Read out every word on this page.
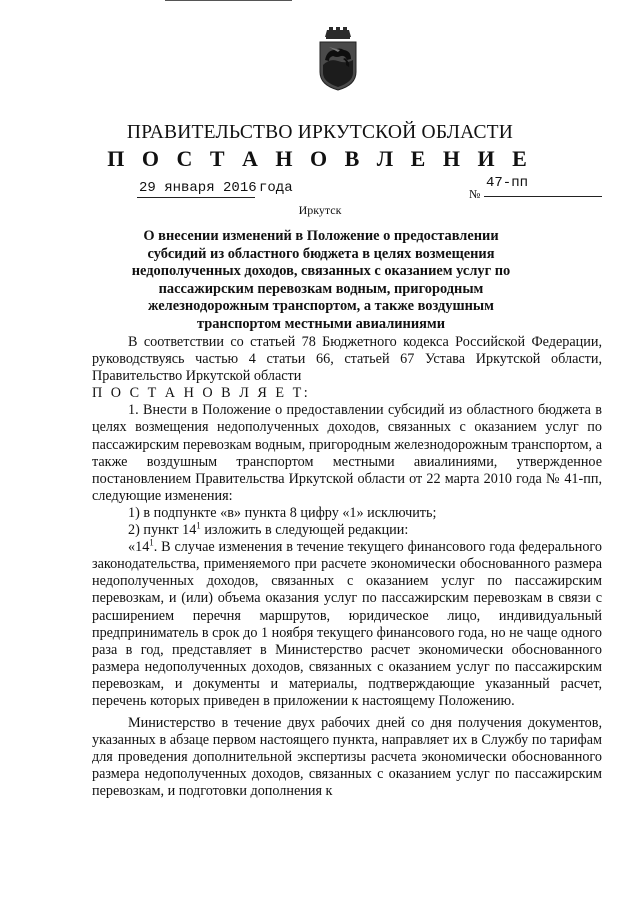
ПРАВИТЕЛЬСТВО ИРКУТСКОЙ ОБЛАСТИ
П О С Т А Н О В Л Е Н И Е
29 января 2016 года	№
47-пп
Иркутск
О внесении изменений в Положение о предоставлении субсидий из областного бюджета в целях возмещения недополученных доходов, связанных с оказанием услуг по пассажирским перевозкам водным, пригородным железнодорожным транспортом, а также воздушным транспортом местными авиалиниями

В соответствии со статьей 78 Бюджетного кодекса Российской Федерации, руководствуясь частью 4 статьи 66, статьей 67 Устава Иркутской области, Правительство Иркутской области

П О С Т А Н О В Л Я Е Т:

1. Внести в Положение о предоставлении субсидий из областного бюджета в целях возмещения недополученных доходов, связанных с оказанием услуг по пассажирским перевозкам водным, пригородным железнодорожным транспортом, а также воздушным транспортом местными авиалиниями, утвержденное постановлением Правительства Иркутской области от 22 марта 2010 года № 41-пп, следующие изменения:

1) в подпункте «в» пункта 8 цифру «1» исключить;

2) пункт $14^1$ изложить в следующей редакции:

«$14^1$. В случае изменения в течение текущего финансового года федерального законодательства, применяемого при расчете экономически обоснованного размера недополученных доходов, связанных с оказанием услуг по пассажирским перевозкам, и (или) объема оказания услуг по пассажирским перевозкам в связи с расширением перечня маршрутов, юридическое лицо, индивидуальный предприниматель в срок до 1 ноября текущего финансового года, но не чаще одного раза в год, представляет в Министерство расчет экономически обоснованного размера недополученных доходов, связанных с оказанием услуг по пассажирским перевозкам, и документы и материалы, подтверждающие указанный расчет, перечень которых приведен в приложении к настоящему Положению.

Министерство в течение двух рабочих дней со дня получения документов, указанных в абзаце первом настоящего пункта, направляет их в Службу по тарифам для проведения дополнительной экспертизы расчета экономически обоснованного размера недополученных доходов, связанных с оказанием услуг по пассажирским перевозкам, и подготовки дополнения к
